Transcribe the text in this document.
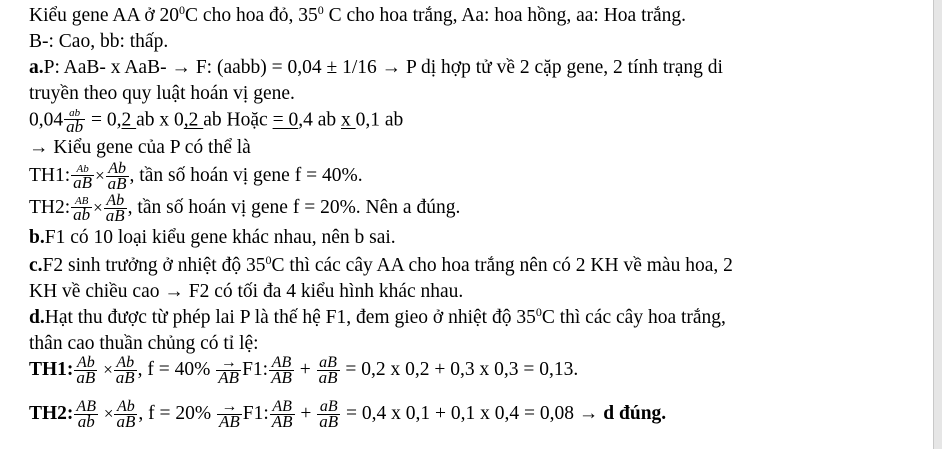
Kiểu gene AA ở $20^0C$ cho hoa đỏ, $35^0$ C cho hoa trắng, Aa: hoa hồng, aa: Hoa trắng.
B-: Cao, bb: thấp.
a.P: AaB- x AaB- → F: (aabb) = 0,04 ± 1/16 → P dị hợp tử về 2 cặp gene, 2 tính trạng di
truyền theo quy luật hoán vị gene.
$0,04 \frac{ab}{ab} = 0,2$ ab x 0,2 ab Hoặc = 0,4 ab x 0,1 ab
→ Kiểu gene của P có thể là
TH1: $\frac{Ab}{aB} \times \frac{Ab}{aB}$ , tần số hoán vị gene f = 40%.
TH2: $\frac{AB}{ab} \times \frac{Ab}{aB}$ , tần số hoán vị gene f = 20%. Nên a đúng.
b.F1 có 10 loại kiểu gene khác nhau, nên b sai.
c.F2 sinh trưởng ở nhiệt độ $35^0C$ thì các cây AA cho hoa trắng nên có 2 KH về màu hoa, 2
KH về chiều cao → F2 có tối đa 4 kiểu hình khác nhau.
d.Hạt thu được từ phép lai P là thế hệ F1, đem gieo ở nhiệt độ $35^0C$ thì các cây hoa trắng,
thân cao thuần chủng có tỉ lệ:
TH1: $\frac{Ab}{aB} \times \frac{Ab}{aB}$ , $f = 40\% \frac{\to}{AB} F1$: $\frac{AB}{AB} + \frac{aB}{aB} = 0,2$ x 0,2 + 0,3 x 0,3 = 0,13.
TH2: $\frac{AB}{ab} \times \frac{Ab}{aB}$ , $f = 20\% \frac{\to}{AB} F1$: $\frac{AB}{AB} + \frac{aB}{aB} = 0,4$ x 0,1 + 0,1 x 0,4 = 0,08 → d đúng.
